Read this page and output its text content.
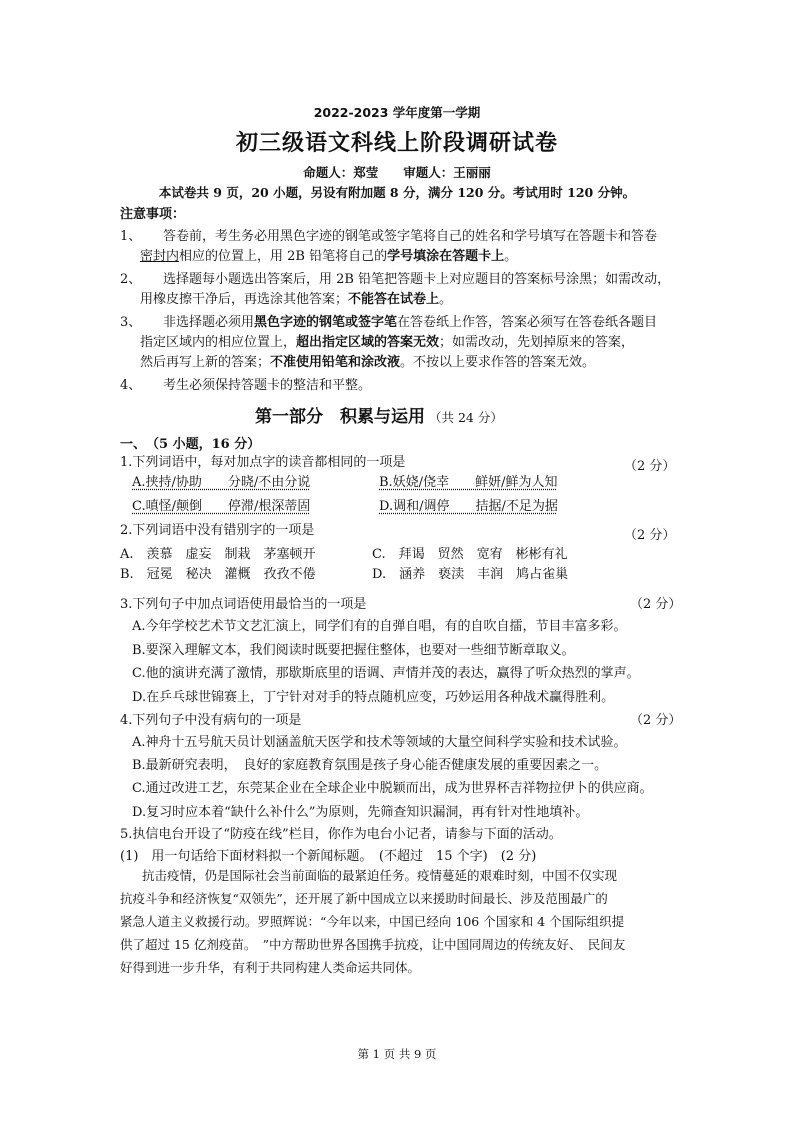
2022-2023 学年度第一学期
初三级语文科线上阶段调研试卷
命题人：郑莹　　审题人：王丽丽
本试卷共 9 页，20 小题，另设有附加题 8 分，满分 120 分。考试用时 120 分钟。
注意事项：
1、 答卷前，考生务必用黑色字迹的钢笔或签字笔将自己的姓名和学号填写在答题卡和答卷
密封内相应的位置上，用 2B 铅笔将自己的学号填涂在答题卡上。
2、 选择题每小题选出答案后，用 2B 铅笔把答题卡上对应题目的答案标号涂黑；如需改动，
用橡皮擦干净后，再选涂其他答案；不能答在试卷上。
3、 非选择题必须用黑色字迹的钢笔或签字笔在答卷纸上作答，答案必须写在答卷纸各题目
指定区域内的相应位置上，超出指定区域的答案无效；如需改动，先划掉原来的答案，
然后再写上新的答案；不准使用铅笔和涂改液。不按以上要求作答的答案无效。
4、 考生必须保持答题卡的整洁和平整。
第一部分　积累与运用 （共 24 分）
一、　（5 小题，16 分）
1.下列词语中，每对加点字的读音都相同的一项是	（2 分）
A.挟持/协助　　分晓/不由分说	B.妖娆/侥幸　　鲜妍/鲜为人知
C.嗔怪/颠倒　　停滞/根深蒂固	D.调和/调停　　拮据/不足为据
2.下列词语中没有错别字的一项是	（2 分）
A.　羡慕　虚妄　制栽　茅塞顿开	C.　拜谒　贸然　宽宥　彬彬有礼
B.　冠冕　秘决　灌概　孜孜不倦	D.　涵养　亵渎　丰润　鸠占雀巢
3.下列句子中加点词语使用最恰当的一项是	（2 分）
A.今年学校艺术节文艺汇演上，同学们有的自弹自唱，有的自吹自擂，节目丰富多彩。
B.要深入理解文本，我们阅读时既要把握住整体，也要对一些细节断章取义。
C.他的演讲充满了激情，那歇斯底里的语调、声情并茂的表达，赢得了听众热烈的掌声。
D.在乒乓球世锦赛上，丁宁针对对手的特点随机应变，巧妙运用各种战术赢得胜利。
4.下列句子中没有病句的一项是	（2 分）
A.神舟十五号航天员计划涵盖航天医学和技术等领域的大量空间科学实验和技术试验。
B.最新研究表明，　良好的家庭教育氛围是孩子身心能否健康发展的重要因素之一。
C.通过改进工艺，东莞某企业在全球企业中脱颖而出，成为世界杯吉祥物拉伊卜的供应商。
D.复习时应本着“缺什么补什么”为原则，先筛查知识漏洞，再有针对性地填补。
5.执信电台开设了“防疫在线”栏目，你作为电台小记者，请参与下面的活动。
(1)　用一句话给下面材料拟一个新闻标题。　(不超过　15 个字)　(2 分)
抗击疫情，仍是国际社会当前面临的最紧迫任务。疫情蔓延的艰难时刻，中国不仅实现
抗疫斗争和经济恢复“双领先”，还开展了新中国成立以来援助时间最长、涉及范围最广的
紧急人道主义救援行动。罗照辉说：“今年以来，中国已经向 106 个国家和 4 个国际组织提
供了超过 15 亿剂疫苗。　”中方帮助世界各国携手抗疫，让中国同周边的传统友好、　民间友
好得到进一步升华，有利于共同构建人类命运共同体。
第 1 页 共 9 页
